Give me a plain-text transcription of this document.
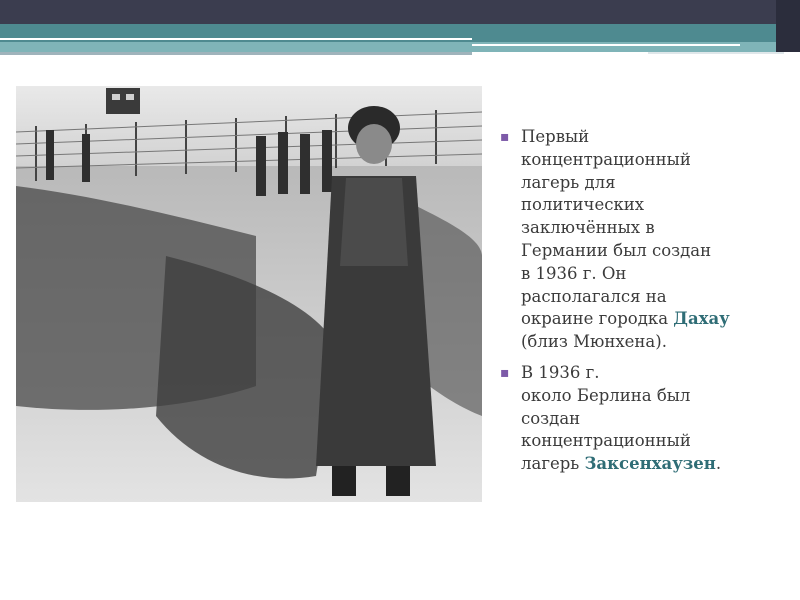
▪ Первый
концентрационный
лагерь для
политических
заключённых в
Германии был создан
в 1936 г. Он
располагался на
окраине городка Дахау
(близ Мюнхена).
▪ В 1936 г.
около Берлина был
создан
концентрационный
лагерь Заксенхаузен.
